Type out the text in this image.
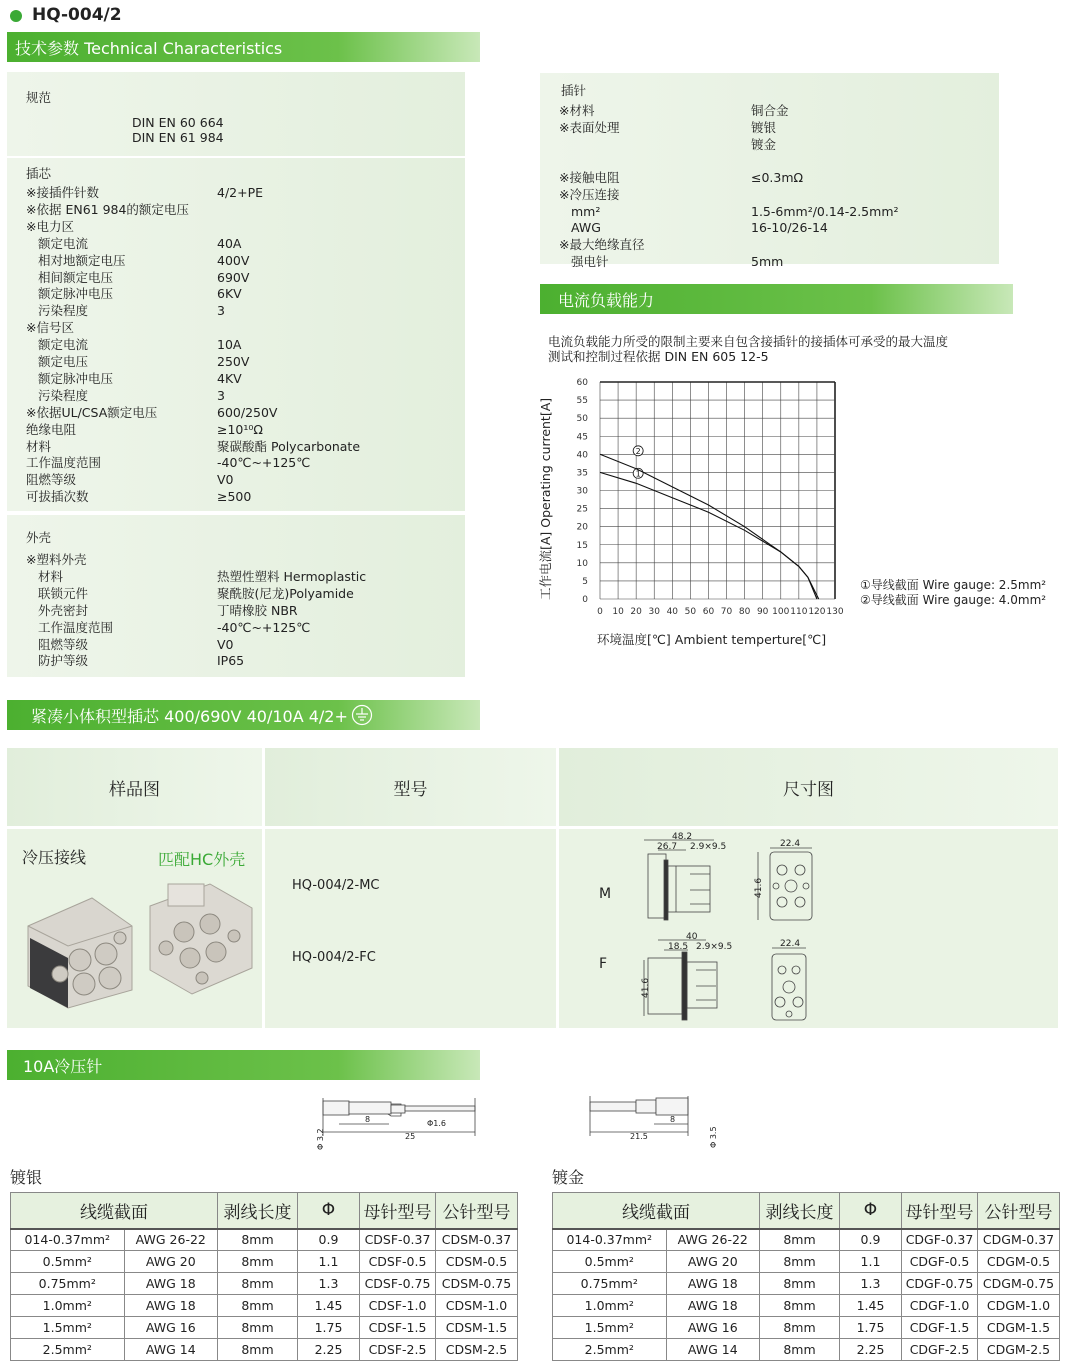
HQ-004/2
技术参数 Technical Characteristics
规范
DIN EN 60 664
DIN EN 61 984
插芯
※接插件针数	4/2+PE
※依据 EN61 984的额定电压
※电力区
额定电流	40A
相对地额定电压	400V
相间额定电压	690V
额定脉冲电压	6KV
污染程度	3
※信号区
额定电流	10A
额定电压	250V
额定脉冲电压	4KV
污染程度	3
※依据UL/CSA额定电压	600/250V
绝缘电阻	≥10¹⁰Ω
材料	聚碳酸酯 Polycarbonate
工作温度范围	-40℃~+125℃
阻燃等级	V0
可拔插次数	≥500
外壳
※塑料外壳
材料	热塑性塑料 Hermoplastic
联锁元件	聚酰胺(尼龙)Polyamide
外壳密封	丁晴橡胶 NBR
工作温度范围	-40℃~+125℃
阻燃等级	V0
防护等级	IP65
插针
※材料	铜合金
※表面处理	镀银
镀金
※接触电阻	≤0.3mΩ
※冷压连接
mm²	1.5-6mm²/0.14-2.5mm²
AWG	16-10/26-14
※最大绝缘直径
强电针	5mm
电流负载能力
电流负载能力所受的限制主要来自包含接插针的接插体可承受的最大温度
测试和控制过程依据 DIN EN 605 12-5
0 10 20 30 40 50 60 70 80 90 100 110 120 130
0
5
10
15
20
25
30
35
40
45
50
55
60
1
2
环境温度[℃] Ambient temperture[℃]
工作电流[A] Operating current[A]	①导线截面 Wire gauge: 2.5mm²
②导线截面 Wire gauge: 4.0mm²
紧凑小体积型插芯 400/690V 40/10A 4/2+
样品图	型号	尺寸图
冷压接线	匹配HC外壳
HQ-004/2-MC
HQ-004/2-FC
M
F
48.2
26.7 2.9×9.5	22.4
41.6
40
18.5 2.9×9.5	22.4
41.6
10A冷压针
Φ 3.2
8	Φ1.6
25	21.5
8
Φ 3.5
镀银	镀金
线缆截面		剥线长度	Φ	母针型号	公针型号
014-0.37mm²	AWG 26-22	8mm	0.9	CDSF-0.37	CDSM-0.37
0.5mm²	AWG 20	8mm	1.1	CDSF-0.5	CDSM-0.5
0.75mm²	AWG 18	8mm	1.3	CDSF-0.75	CDSM-0.75
1.0mm²	AWG 18	8mm	1.45	CDSF-1.0	CDSM-1.0
1.5mm²	AWG 16	8mm	1.75	CDSF-1.5	CDSM-1.5
2.5mm²	AWG 14	8mm	2.25	CDSF-2.5	CDSM-2.5
线缆截面		剥线长度	Φ	母针型号	公针型号
014-0.37mm²	AWG 26-22	8mm	0.9	CDGF-0.37	CDGM-0.37
0.5mm²	AWG 20	8mm	1.1	CDGF-0.5	CDGM-0.5
0.75mm²	AWG 18	8mm	1.3	CDGF-0.75	CDGM-0.75
1.0mm²	AWG 18	8mm	1.45	CDGF-1.0	CDGM-1.0
1.5mm²	AWG 16	8mm	1.75	CDGF-1.5	CDGM-1.5
2.5mm²	AWG 14	8mm	2.25	CDGF-2.5	CDGM-2.5
